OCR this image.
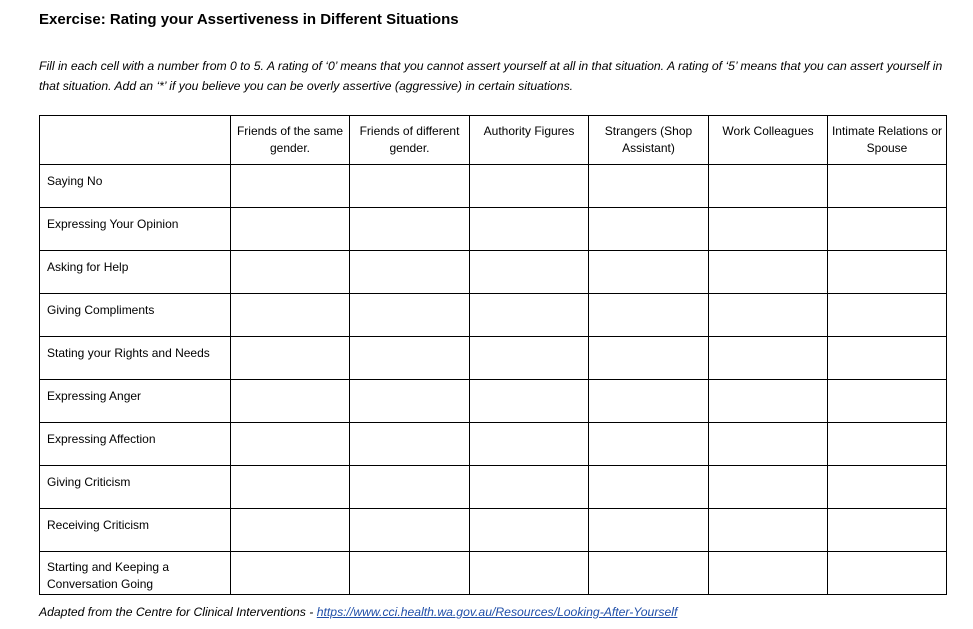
Exercise: Rating your Assertiveness in Different Situations
Fill in each cell with a number from 0 to 5. A rating of ‘0’ means that you cannot assert yourself at all in that situation. A rating of ‘5’ means that you can assert yourself in that situation. Add an ‘*’ if you believe you can be overly assertive (aggressive) in certain situations.
	Friends of the same gender.	Friends of different gender.	Authority Figures	Strangers (Shop Assistant)	Work Colleagues	Intimate Relations or Spouse
Saying No						
Expressing Your Opinion						
Asking for Help						
Giving Compliments						
Stating your Rights and Needs						
Expressing Anger						
Expressing Affection						
Giving Criticism						
Receiving Criticism						
Starting and Keeping a Conversation Going						
Adapted from the Centre for Clinical Interventions - https://www.cci.health.wa.gov.au/Resources/Looking-After-Yourself
